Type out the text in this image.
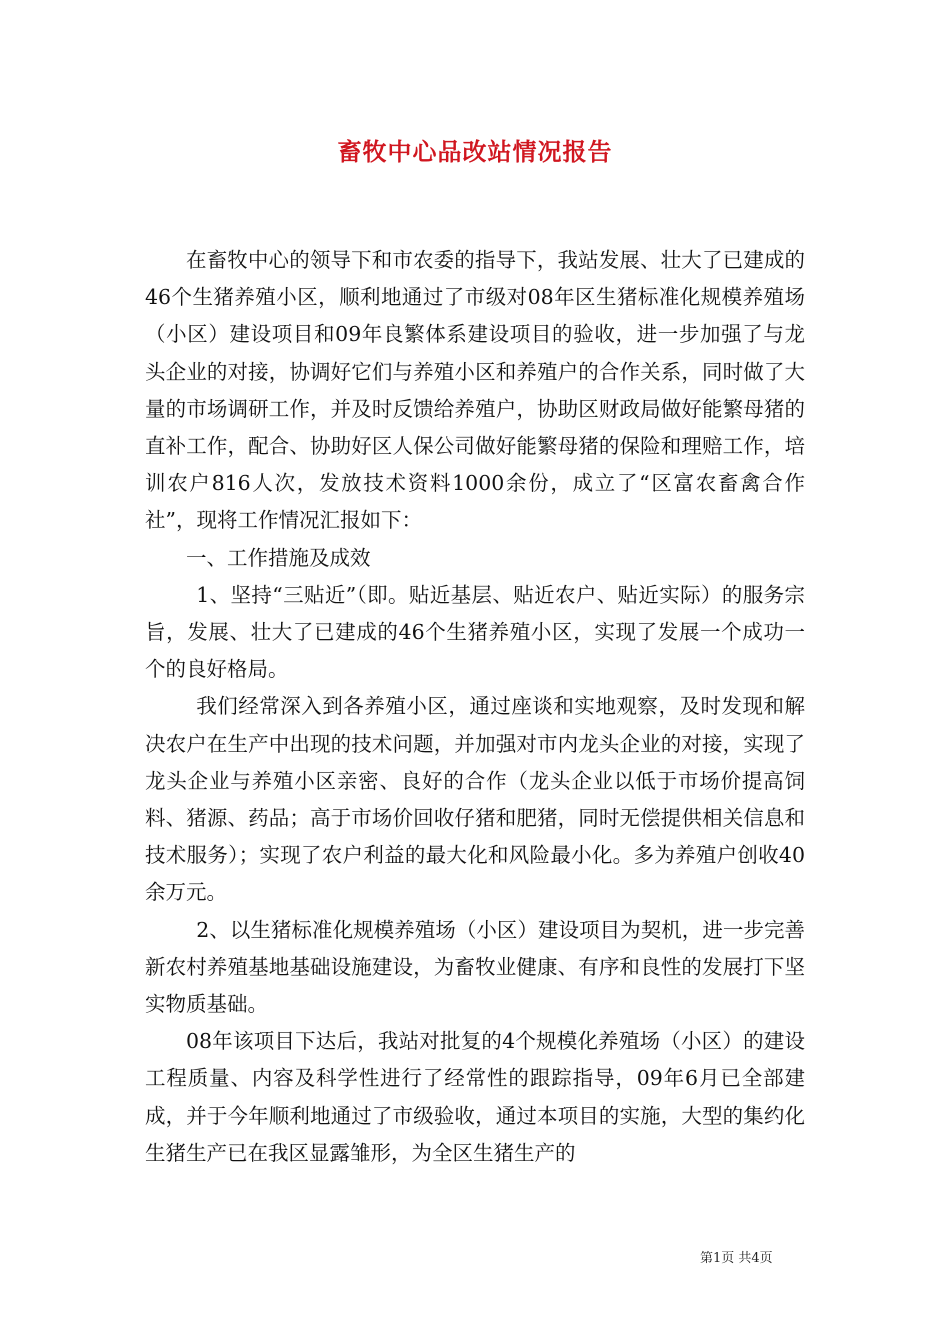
畜牧中心品改站情况报告

在畜牧中心的领导下和市农委的指导下，我站发展、壮大了已建成的46个生猪养殖小区，顺利地通过了市级对08年区生猪标准化规模养殖场（小区）建设项目和09年良繁体系建设项目的验收，进一步加强了与龙头企业的对接，协调好它们与养殖小区和养殖户的合作关系，同时做了大量的市场调研工作，并及时反馈给养殖户，协助区财政局做好能繁母猪的直补工作，配合、协助好区人保公司做好能繁母猪的保险和理赔工作，培训农户816人次，发放技术资料1000余份，成立了“区富农畜禽合作社”，现将工作情况汇报如下：

一、工作措施及成效

1、坚持“三贴近”（即。贴近基层、贴近农户、贴近实际）的服务宗旨，发展、壮大了已建成的46个生猪养殖小区，实现了发展一个成功一个的良好格局。

我们经常深入到各养殖小区，通过座谈和实地观察，及时发现和解决农户在生产中出现的技术问题，并加强对市内龙头企业的对接，实现了龙头企业与养殖小区亲密、良好的合作（龙头企业以低于市场价提高饲料、猪源、药品；高于市场价回收仔猪和肥猪，同时无偿提供相关信息和技术服务）；实现了农户利益的最大化和风险最小化。多为养殖户创收40余万元。

2、以生猪标准化规模养殖场（小区）建设项目为契机，进一步完善新农村养殖基地基础设施建设，为畜牧业健康、有序和良性的发展打下坚实物质基础。

08年该项目下达后，我站对批复的4个规模化养殖场（小区）的建设工程质量、内容及科学性进行了经常性的跟踪指导，09年6月已全部建成，并于今年顺利地通过了市级验收，通过本项目的实施，大型的集约化生猪生产已在我区显露雏形，为全区生猪生产的

第1页 共4页
